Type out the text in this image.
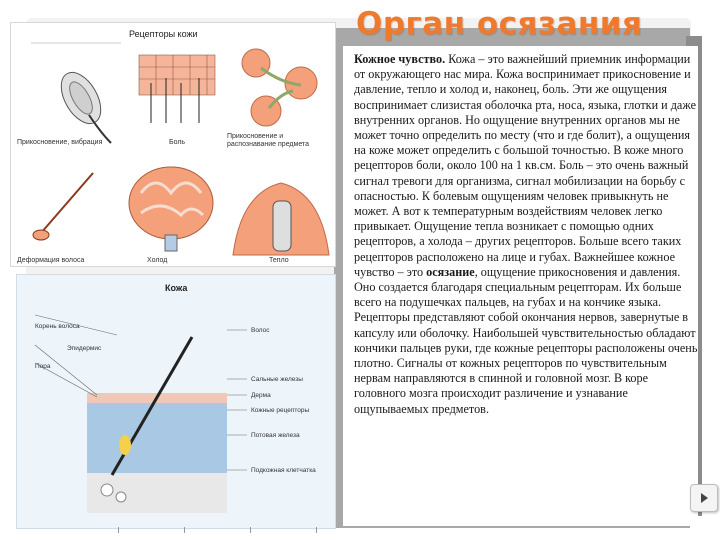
Орган осязания
Кожное чувство. Кожа – это важнейший приемник информации от окружающего нас мира. Кожа воспринимает прикосновение и давление, тепло и холод и, наконец, боль. Эти же ощущения воспринимает слизистая оболочка рта, носа, языка, глотки и даже внутренних органов. Но ощущение внутренних органов мы не может точно определить по месту (что и где болит), а ощущения на коже может определить с большой точностью. В коже много рецепторов боли, около 100 на 1 кв.см. Боль – это очень важный сигнал тревоги для организма, сигнал мобилизации на борьбу с опасностью. К болевым ощущениям человек привыкнуть не может. А вот к температурным воздействиям человек легко привыкает. Ощущение тепла возникает с помощью одних рецепторов, а холода – других рецепторов. Больше всего таких рецепторов расположено на лице и губах. Важнейшее кожное чувство – это осязание, ощущение прикосновения и давления. Оно создается благодаря специальным рецепторам. Их больше всего на подушечках пальцев, на губах и на кончике языка. Рецепторы представляют собой окончания нервов, завернутые в капсулу или оболочку. Наибольшей чувствительностью обладают кончики пальцев руки, где кожные рецепторы расположены очень плотно. Сигналы от кожных рецепторов по чувствительным нервам направляются в спинной и головной мозг. В коре головного мозга происходит различение и узнавание ощупываемых предметов.
Рецепторы кожи
Прикосновение, вибрация	Боль
Прикосновение и распознавание предмета
Деформация волоса	Холод	Тепло
Кожа
Корень волоса
Эпидермис
Пора
Волос
Сальные железы
Дерма
Кожные рецепторы
Потовая железа
Подкожная клетчатка
